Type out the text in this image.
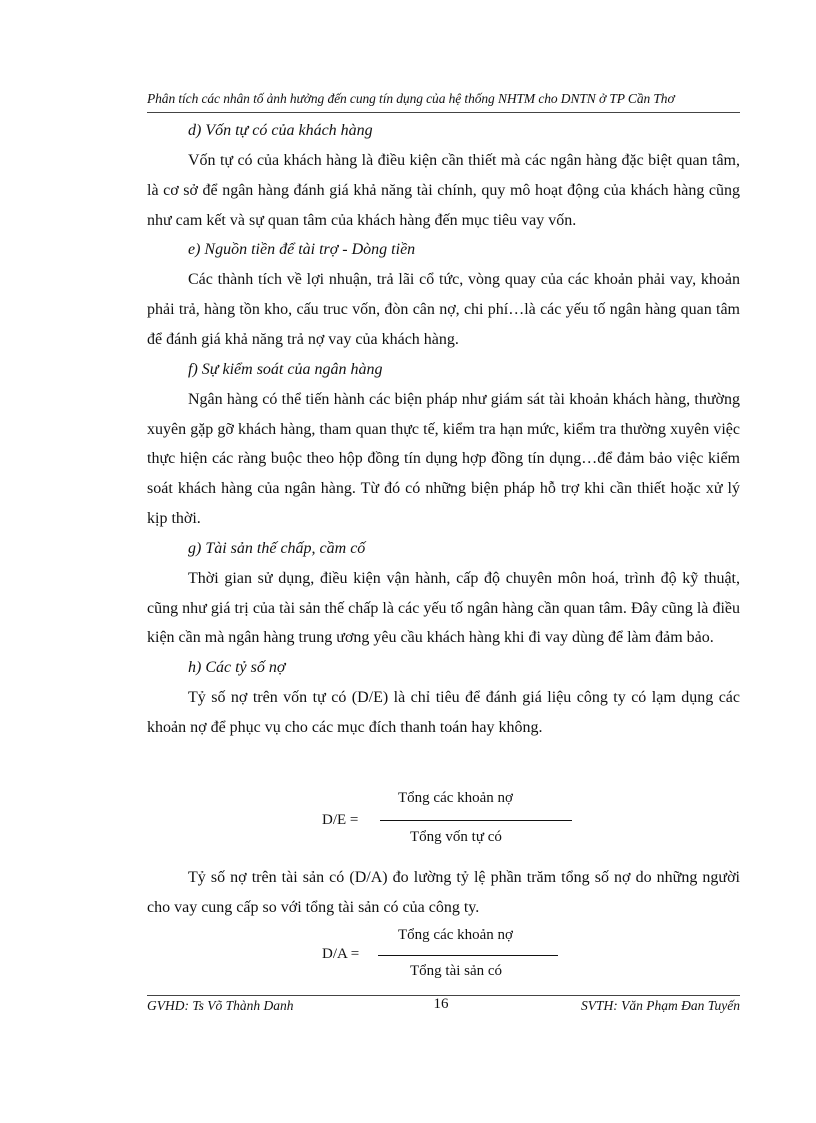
Phân tích các nhân tố ảnh hưởng đến cung tín dụng của hệ thống NHTM cho DNTN ở TP Cần Thơ

d) Vốn tự có của khách hàng

Vốn tự có của khách hàng là điều kiện cần thiết mà các ngân hàng đặc biệt quan tâm, là cơ sở để ngân hàng đánh giá khả năng tài chính, quy mô hoạt động của khách hàng cũng như cam kết và sự quan tâm của khách hàng đến mục tiêu vay vốn.

e) Nguồn tiền để tài trợ - Dòng tiền

Các thành tích về lợi nhuận, trả lãi cổ tức, vòng quay của các khoản phải vay, khoản phải trả, hàng tồn kho, cấu truc vốn, đòn cân nợ, chi phí…là các yếu tố ngân hàng quan tâm để đánh giá khả năng trả nợ vay của khách hàng.

f) Sự kiểm soát của ngân hàng

Ngân hàng có thể tiến hành các biện pháp như giám sát tài khoản khách hàng, thường xuyên gặp gỡ khách hàng, tham quan thực tế, kiểm tra hạn mức, kiểm tra thường xuyên việc thực hiện các ràng buộc theo hộp đồng tín dụng hợp đồng tín dụng…để đảm bảo việc kiểm soát khách hàng của ngân hàng. Từ đó có những biện pháp hỗ trợ khi cần thiết hoặc xử lý kịp thời.

g) Tài sản thế chấp, cầm cố

Thời gian sử dụng, điều kiện vận hành, cấp độ chuyên môn hoá, trình độ kỹ thuật, cũng như giá trị của tài sản thế chấp là các yếu tố ngân hàng cần quan tâm. Đây cũng là điều kiện cần mà ngân hàng trung ương yêu cầu khách hàng khi đi vay dùng để làm đảm bảo.

h) Các tỷ số nợ

Tỷ số nợ trên vốn tự có (D/E) là chỉ tiêu để đánh giá liệu công ty có lạm dụng các khoản nợ để phục vụ cho các mục đích thanh toán hay không.

D/E =
Tổng các khoản nợ
Tổng vốn tự có

Tỷ số nợ trên tài sản có (D/A) đo lường tỷ lệ phần trăm tổng số nợ do những người cho vay cung cấp so với tổng tài sản có của công ty.

D/A =
Tổng các khoản nợ
Tổng tài sản có
GVHD: Ts Võ Thành Danh	16	SVTH: Văn Phạm Đan Tuyến
